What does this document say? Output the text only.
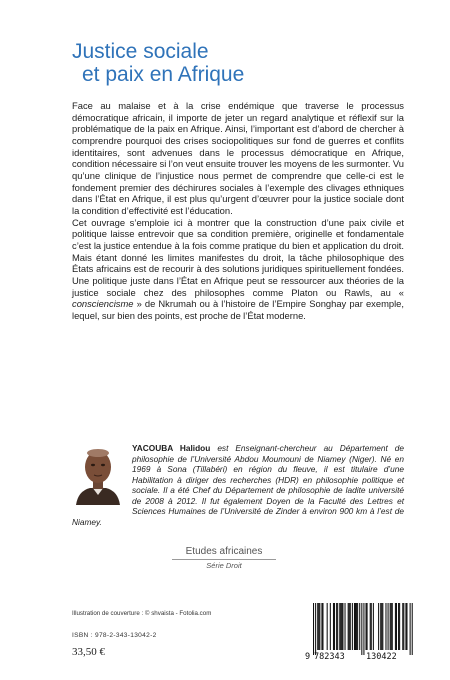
Justice sociale
et paix en Afrique

Face au malaise et à la crise endémique que traverse le processus démocratique africain, il importe de jeter un regard analytique et réflexif sur la problématique de la paix en Afrique. Ainsi, l’important est d’abord de chercher à comprendre pourquoi des crises sociopolitiques sur fond de guerres et conflits identitaires, sont advenues dans le processus démocratique en Afrique, condition nécessaire si l’on veut ensuite trouver les moyens de les surmonter. Vu qu’une clinique de l’injustice nous permet de comprendre que celle-ci est le fondement premier des déchirures sociales à l’exemple des clivages ethniques dans l’État en Afrique, il est plus qu’urgent d’œuvrer pour la justice sociale dont la condition d’effectivité est l’éducation.

Cet ouvrage s’emploie ici à montrer que la construction d’une paix civile et politique laisse entrevoir que sa condition première, originelle et fondamentale c’est la justice entendue à la fois comme pratique du bien et application du droit. Mais étant donné les limites manifestes du droit, la tâche philosophique des États africains est de recourir à des solutions juridiques spirituellement fondées. Une politique juste dans l’État en Afrique peut se ressourcer aux théories de la justice sociale chez des philosophes comme Platon ou Rawls, au « consciencisme » de Nkrumah ou à l’histoire de l’Empire Songhay par exemple, lequel, sur bien des points, est proche de l’État moderne.

YACOUBA Halidou est Enseignant-chercheur au Département de philosophie de l’Université Abdou Moumouni de Niamey (Niger). Né en 1969 à Sona (Tillabéri) en région du fleuve, il est titulaire d’une Habilitation à diriger des recherches (HDR) en philosophie politique et sociale. Il a été Chef du Département de philosophie de ladite université de 2008 à 2012. Il fut également Doyen de la Faculté des Lettres et Sciences Humaines de l’Université de Zinder à environ 900 km à l’est de Niamey.
Etudes africaines
Série Droit
Illustration de couverture : © shvaista - Fotolia.com
ISBN : 978-2-343-13042-2
33,50 €	9 782343	130422
